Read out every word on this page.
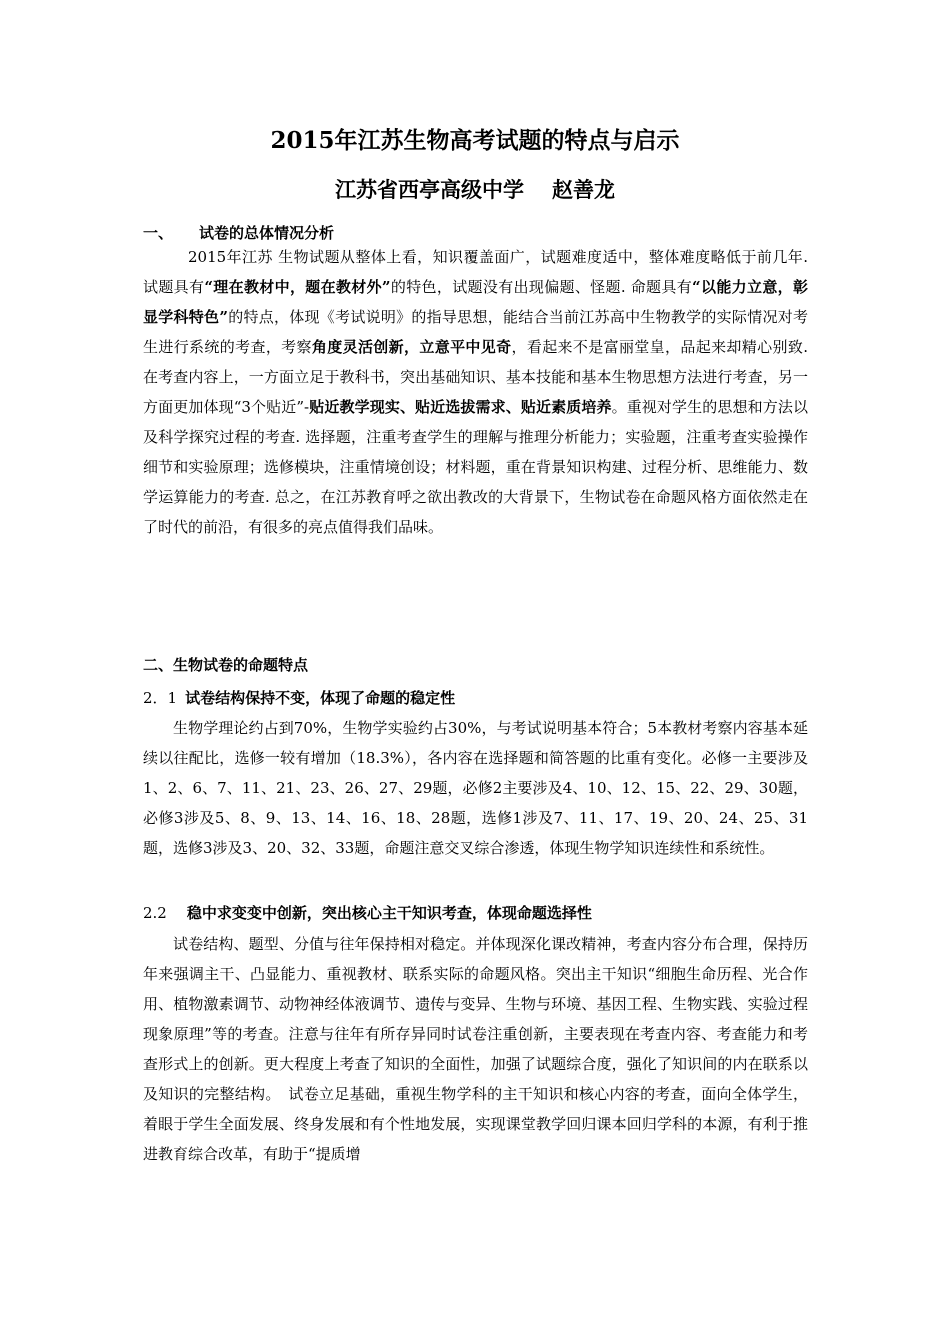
2015年江苏生物高考试题的特点与启示
江苏省西亭高级中学 赵善龙
一、 试卷的总体情况分析
2015年江苏 生物试题从整体上看，知识覆盖面广，试题难度适中，整体难度略低于前几年. 试题具有“理在教材中，题在教材外”的特色，试题没有出现偏题、怪题. 命题具有“以能力立意，彰显学科特色”的特点，体现《考试说明》的指导思想，能结合当前江苏高中生物教学的实际情况对考生进行系统的考查，考察角度灵活创新，立意平中见奇，看起来不是富丽堂皇，品起来却精心别致. 在考查内容上，一方面立足于教科书，突出基础知识、基本技能和基本生物思想方法进行考查，另一方面更加体现“3个贴近”-贴近教学现实、贴近选拔需求、贴近素质培养。重视对学生的思想和方法以及科学探究过程的考查. 选择题，注重考查学生的理解与推理分析能力；实验题，注重考查实验操作细节和实验原理；选修模块，注重情境创设；材料题，重在背景知识构建、过程分析、思维能力、数学运算能力的考查. 总之，在江苏教育呼之欲出教改的大背景下，生物试卷在命题风格方面依然走在了时代的前沿，有很多的亮点值得我们品味。
二、生物试卷的命题特点
2．1 试卷结构保持不变，体现了命题的稳定性
生物学理论约占到70%，生物学实验约占30%，与考试说明基本符合；5本教材考察内容基本延续以往配比，选修一较有增加（18.3%），各内容在选择题和简答题的比重有变化。必修一主要涉及1、2、6、7、11、21、23、26、27、29题，必修2主要涉及4、10、12、15、22、29、30题，必修3涉及5、8、9、13、14、16、18、28题，选修1涉及7、11、17、19、20、24、25、31题，选修3涉及3、20、32、33题，命题注意交叉综合渗透，体现生物学知识连续性和系统性。
2.2 稳中求变变中创新，突出核心主干知识考查，体现命题选择性
试卷结构、题型、分值与往年保持相对稳定。并体现深化课改精神，考查内容分布合理，保持历年来强调主干、凸显能力、重视教材、联系实际的命题风格。突出主干知识“细胞生命历程、光合作用、植物激素调节、动物神经体液调节、遗传与变异、生物与环境、基因工程、生物实践、实验过程现象原理”等的考查。注意与往年有所存异同时试卷注重创新，主要表现在考查内容、考查能力和考查形式上的创新。更大程度上考查了知识的全面性，加强了试题综合度，强化了知识间的内在联系以及知识的完整结构。　试卷立足基础，重视生物学科的主干知识和核心内容的考查，面向全体学生，着眼于学生全面发展、终身发展和有个性地发展，实现课堂教学回归课本回归学科的本源，有利于推进教育综合改革，有助于“提质增
